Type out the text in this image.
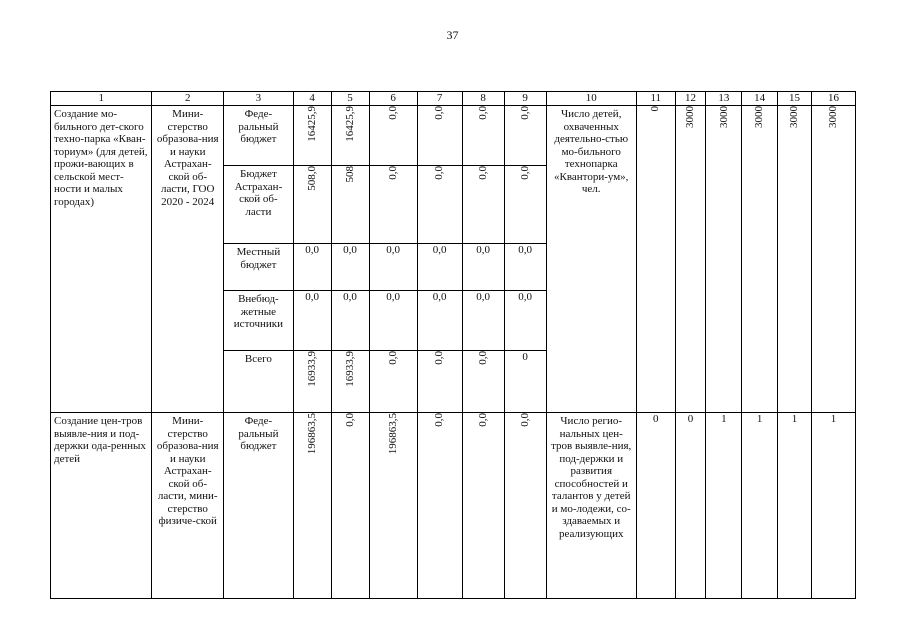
37
1	2	3	4	5	6	7	8	9	10	11	12	13	14	15	16

Создание мо-бильного дет-ского техно-парка «Кван-ториум» (для детей, прожи-вающих в сельской мест-ности и малых городах)	Мини-стерство образова-ния и науки Астрахан-ской об-ласти, ГОО 2020 - 2024	Феде-ральный бюджет	16425,9	16425,9	0,0	0,0	0,0	0,0	Число детей, охваченных деятельно-стью мо-бильного технопарка «Квантори-ум», чел.	0	3000	3000	3000	3000	3000

		Бюджет Астрахан-ской об-ласти	508,0	508	0,0	0,0	0,0	0,0							

		Местный бюджет	0,0	0,0	0,0	0,0	0,0	0,0							

		Внебюд-жетные источники	0,0	0,0	0,0	0,0	0,0	0,0							

		Всего	16933,9	16933,9	0,0	0,0	0,0	0							

Создание цен-тров выявле-ния и под-держки ода-ренных детей	Мини-стерство образова-ния и науки Астрахан-ской об-ласти, мини-стерство физиче-ской	Феде-ральный бюджет	196863,5	0,0	196863,5	0,0	0,0	0,0	Число регио-нальных цен-тров выявле-ния, под-держки и развития способностей и талантов у детей и мо-лодежи, со-здаваемых и реализующих	0	0	1	1	1	1
